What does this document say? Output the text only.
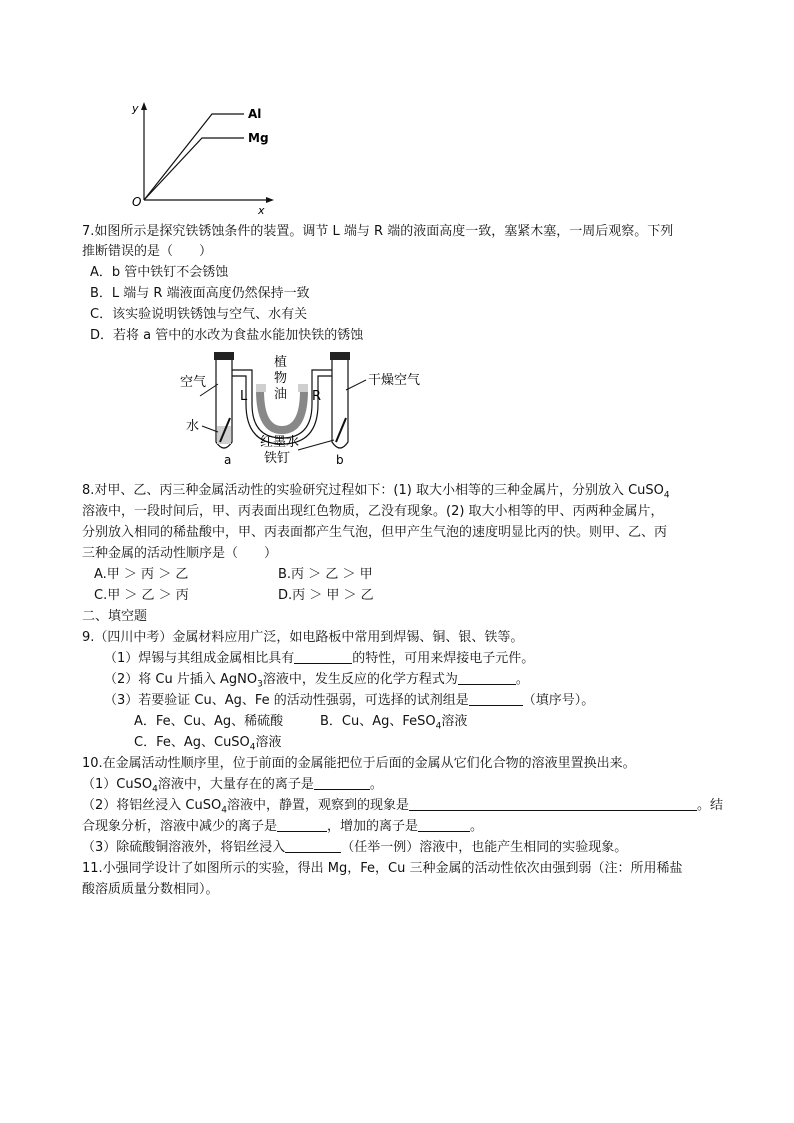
y
x
O
Al
Mg
7.如图所示是探究铁锈蚀条件的装置。调节 L 端与 R 端的液面高度一致，塞紧木塞，一周后观察。下列
推断错误的是（　　）
A．b 管中铁钉不会锈蚀
B．L 端与 R 端液面高度仍然保持一致
C．该实验说明铁锈蚀与空气、水有关
D．若将 a 管中的水改为食盐水能加快铁的锈蚀
空气	干燥空气
水
植
物
油
L	R
红墨水
铁钉
a	b
8.对甲、乙、丙三种金属活动性的实验研究过程如下：(1) 取大小相等的三种金属片，分别放入 CuSO$_4$
溶液中，一段时间后，甲、丙表面出现红色物质，乙没有现象。(2) 取大小相等的甲、丙两种金属片，
分别放入相同的稀盐酸中，甲、丙表面都产生气泡，但甲产生气泡的速度明显比丙的快。则甲、乙、丙
三种金属的活动性顺序是（　　）
A.甲 ＞ 丙 ＞ 乙	B.丙 ＞ 乙 ＞ 甲
C.甲 ＞ 乙 ＞ 丙	D.丙 ＞ 甲 ＞ 乙
二、填空题
9.（四川中考）金属材料应用广泛，如电路板中常用到焊锡、铜、银、铁等。
（1）焊锡与其组成金属相比具有	的特性，可用来焊接电子元件。
（2）将 Cu 片插入 AgNO$_3$溶液中，发生反应的化学方程式为	。
（3）若要验证 Cu、Ag、Fe 的活动性强弱，可选择的试剂组是	（填序号）。
A．Fe、Cu、Ag、稀硫酸	B．Cu、Ag、FeSO$_4$溶液
C．Fe、Ag、CuSO$_4$溶液
10.在金属活动性顺序里，位于前面的金属能把位于后面的金属从它们化合物的溶液里置换出来。
（1）CuSO$_4$溶液中，大量存在的离子是	。
（2）将铝丝浸入 CuSO$_4$溶液中，静置，观察到的现象是	。结
合现象分析，溶液中减少的离子是	，增加的离子是	。
（3）除硫酸铜溶液外，将铝丝浸入	（任举一例）溶液中，也能产生相同的实验现象。
11.小强同学设计了如图所示的实验，得出 Mg，Fe，Cu 三种金属的活动性依次由强到弱（注：所用稀盐
酸溶质质量分数相同）。
